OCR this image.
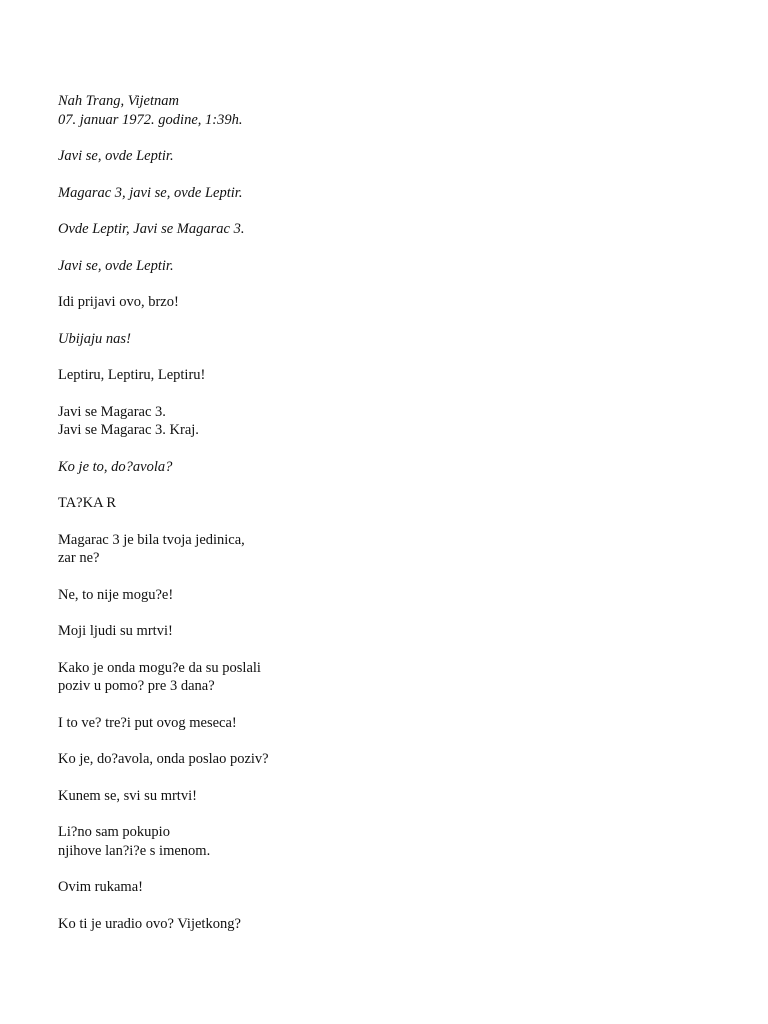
Nah Trang, Vijetnam
07. januar 1972. godine, 1:39h.
Javi se, ovde Leptir.
Magarac 3, javi se, ovde Leptir.
Ovde Leptir, Javi se Magarac 3.
Javi se, ovde Leptir.
Idi prijavi ovo, brzo!
Ubijaju nas!
Leptiru, Leptiru, Leptiru!
Javi se Magarac 3.
Javi se Magarac 3. Kraj.
Ko je to, do?avola?
TA?KA R
Magarac 3 je bila tvoja jedinica,
zar ne?
Ne, to nije mogu?e!
Moji ljudi su mrtvi!
Kako je onda mogu?e da su poslali
poziv u pomo? pre 3 dana?
I to ve? tre?i put ovog meseca!
Ko je, do?avola, onda poslao poziv?
Kunem se, svi su mrtvi!
Li?no sam pokupio
njihove lan?i?e s imenom.
Ovim rukama!
Ko ti je uradio ovo? Vijetkong?
